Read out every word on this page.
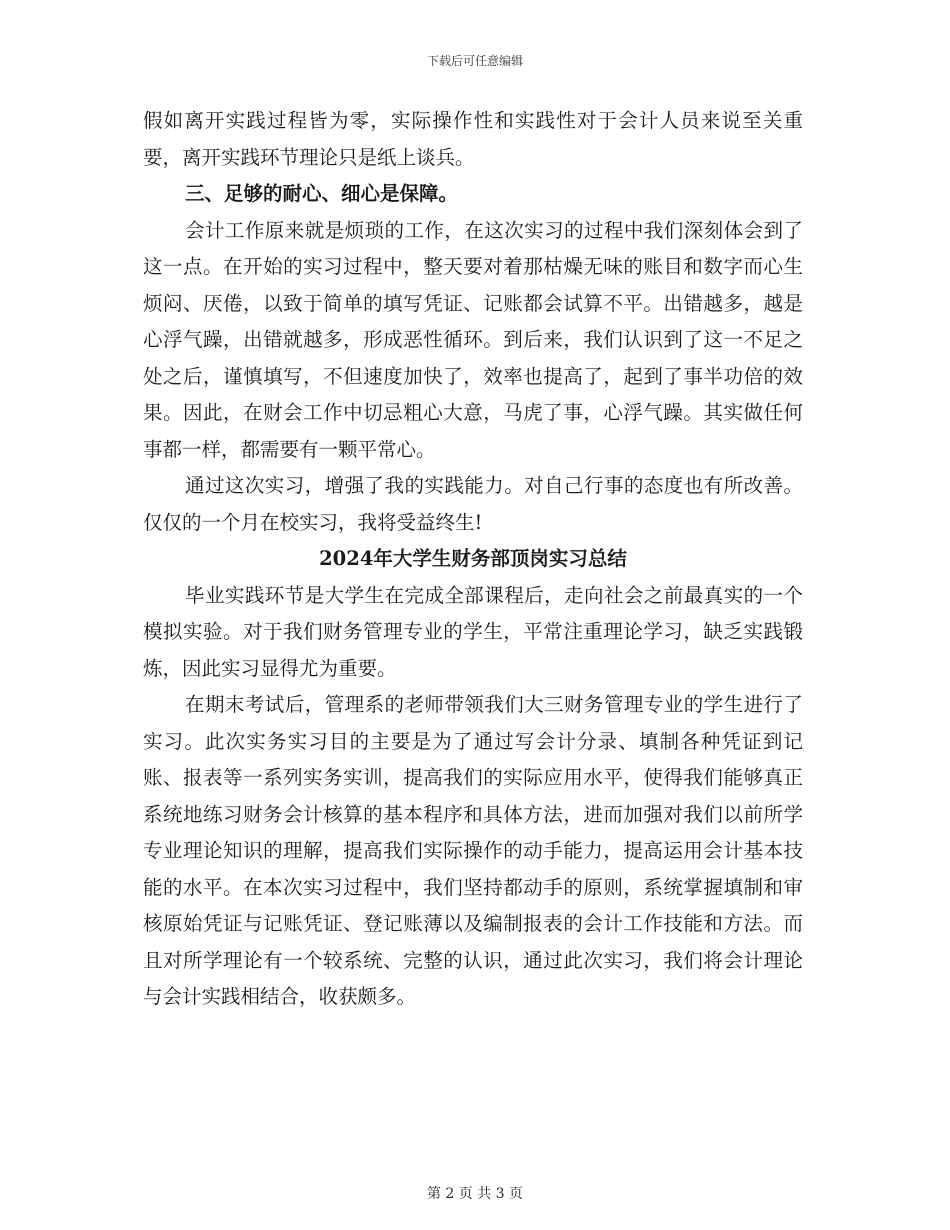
下载后可任意编辑

假如离开实践过程皆为零，实际操作性和实践性对于会计人员来说至关重要，离开实践环节理论只是纸上谈兵。

三、足够的耐心、细心是保障。

会计工作原来就是烦琐的工作，在这次实习的过程中我们深刻体会到了这一点。在开始的实习过程中，整天要对着那枯燥无味的账目和数字而心生烦闷、厌倦，以致于简单的填写凭证、记账都会试算不平。出错越多，越是心浮气躁，出错就越多，形成恶性循环。到后来，我们认识到了这一不足之处之后，谨慎填写，不但速度加快了，效率也提高了，起到了事半功倍的效果。因此，在财会工作中切忌粗心大意，马虎了事，心浮气躁。其实做任何事都一样，都需要有一颗平常心。

通过这次实习，增强了我的实践能力。对自己行事的态度也有所改善。仅仅的一个月在校实习，我将受益终生!

2024年大学生财务部顶岗实习总结

毕业实践环节是大学生在完成全部课程后，走向社会之前最真实的一个模拟实验。对于我们财务管理专业的学生，平常注重理论学习，缺乏实践锻炼，因此实习显得尤为重要。

在期末考试后，管理系的老师带领我们大三财务管理专业的学生进行了实习。此次实务实习目的主要是为了通过写会计分录、填制各种凭证到记账、报表等一系列实务实训，提高我们的实际应用水平，使得我们能够真正系统地练习财务会计核算的基本程序和具体方法，进而加强对我们以前所学专业理论知识的理解，提高我们实际操作的动手能力，提高运用会计基本技能的水平。在本次实习过程中，我们坚持都动手的原则，系统掌握填制和审核原始凭证与记账凭证、登记账薄以及编制报表的会计工作技能和方法。而且对所学理论有一个较系统、完整的认识，通过此次实习，我们将会计理论与会计实践相结合，收获颇多。

第 2 页 共 3 页
